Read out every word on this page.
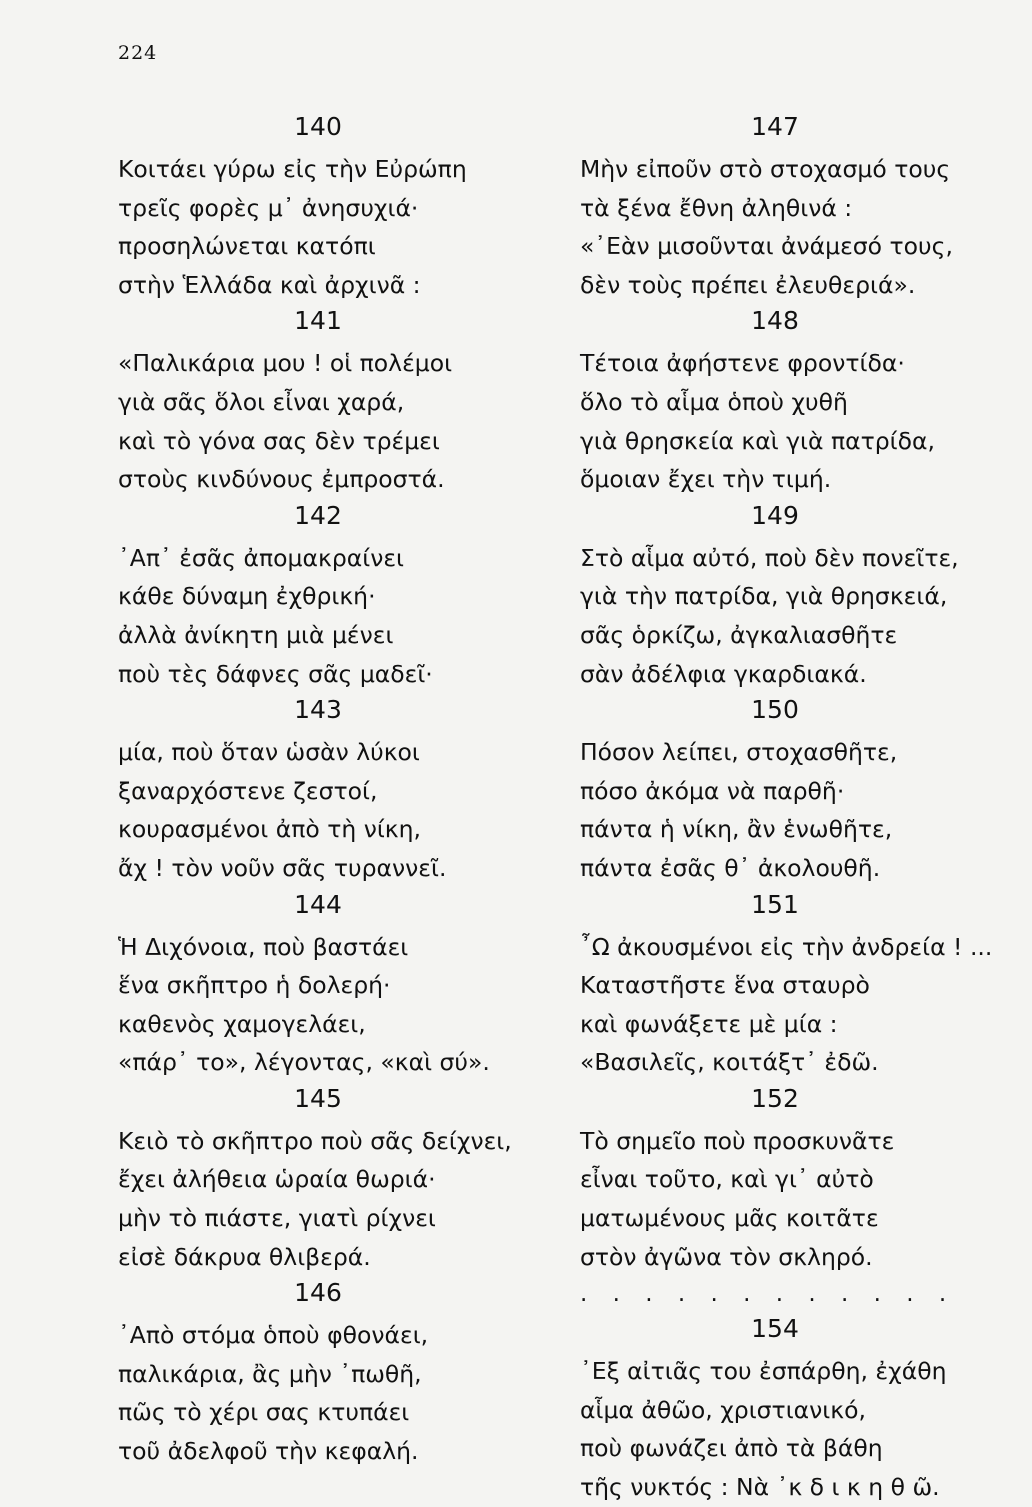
224
140
Κοιτάει γύρω εἰς τὴν Εὐρώπη
τρεῖς φορὲς μ᾽ ἀνησυχιά·
προσηλώνεται κατόπι
στὴν Ἑλλάδα καὶ ἀρχινᾶ :
141
«Παλικάρια μου ! οἱ πολέμοι
γιὰ σᾶς ὅλοι εἶναι χαρά,
καὶ τὸ γόνα σας δὲν τρέμει
στοὺς κινδύνους ἐμπροστά.
142
᾽Απ᾽ ἐσᾶς ἀπομακραίνει
κάθε δύναμη ἐχθρική·
ἀλλὰ ἀνίκητη μιὰ μένει
ποὺ τὲς δάφνες σᾶς μαδεῖ·
143
μία, ποὺ ὅταν ὡσὰν λύκοι
ξαναρχόστενε ζεστοί,
κουρασμένοι ἀπὸ τὴ νίκη,
ἄχ ! τὸν νοῦν σᾶς τυραννεῖ.
144
Ἡ Διχόνοια, ποὺ βαστάει
ἕνα σκῆπτρο ἡ δολερή·
καθενὸς χαμογελάει,
«πάρ᾽ το», λέγοντας, «καὶ σύ».
145
Κειὸ τὸ σκῆπτρο ποὺ σᾶς δείχνει,
ἔχει ἀλήθεια ὡραία θωριά·
μὴν τὸ πιάστε, γιατὶ ρίχνει
εἰσὲ δάκρυα θλιβερά.
146
᾽Απὸ στόμα ὁποὺ φθονάει,
παλικάρια, ἂς μὴν ᾽πωθῆ,
πῶς τὸ χέρι σας κτυπάει
τοῦ ἀδελφοῦ τὴν κεφαλή.
147
Μὴν εἰποῦν στὸ στοχασμό τους
τὰ ξένα ἔθνη ἀληθινά :
«᾽Εὰν μισοῦνται ἀνάμεσό τους,
δὲν τοὺς πρέπει ἐλευθεριά».
148
Τέτοια ἀφήστενε φροντίδα·
ὅλο τὸ αἷμα ὁποὺ χυθῆ
γιὰ θρησκεία καὶ γιὰ πατρίδα,
ὅμοιαν ἔχει τὴν τιμή.
149
Στὸ αἷμα αὐτό, ποὺ δὲν πονεῖτε,
γιὰ τὴν πατρίδα, γιὰ θρησκειά,
σᾶς ὁρκίζω, ἀγκαλιασθῆτε
σὰν ἀδέλφια γκαρδιακά.
150
Πόσον λείπει, στοχασθῆτε,
πόσο ἀκόμα νὰ παρθῆ·
πάντα ἡ νίκη, ἂν ἑνωθῆτε,
πάντα ἐσᾶς θ᾽ ἀκολουθῆ.
151
῏Ω ἀκουσμένοι εἰς τὴν ἀνδρεία ! ...
Καταστῆστε ἕνα σταυρὸ
καὶ φωνάξετε μὲ μία :
«Βασιλεῖς, κοιτάξτ᾽ ἐδῶ.
152
Τὸ σημεῖο ποὺ προσκυνᾶτε
εἶναι τοῦτο, καὶ γι᾽ αὐτὸ
ματωμένους μᾶς κοιτᾶτε
στὸν ἀγῶνα τὸν σκληρό.
. . . . . . . . . . . .
154
᾽Εξ αἰτιᾶς του ἐσπάρθη, ἐχάθη
αἷμα ἀθῶο, χριστιανικό,
ποὺ φωνάζει ἀπὸ τὰ βάθη
τῆς νυκτός : Νὰ ᾽κ δ ι κ η θ ῶ.
